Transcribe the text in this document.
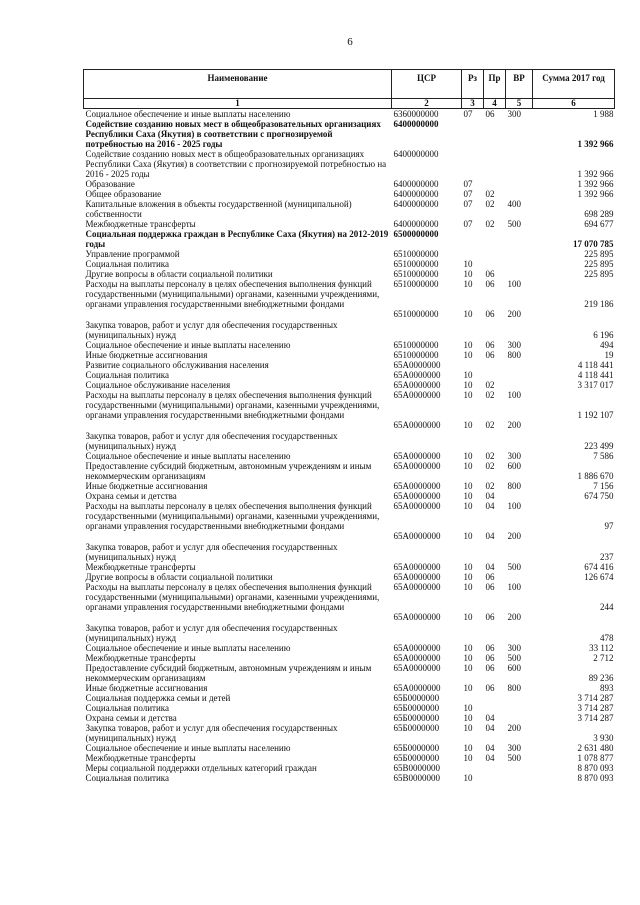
6
Наименование	ЦСР	Рз	Пр	ВР	Сумма 2017 год
1	2	3	4	5	6
Социальное обеспечение и иные выплаты населению	6360000000	07	06	300	1 988
Содействие созданию новых мест в общеобразовательных организациях Республики Саха (Якутия) в соответствии с прогнозируемой потребностью на 2016 - 2025 годы	6400000000				1 392 966
Содействие созданию новых мест в общеобразовательных организациях Республики Саха (Якутия) в соответствии с прогнозируемой потребностью на 2016 - 2025 годы	6400000000				1 392 966
Образование	6400000000	07			1 392 966
Общее образование	6400000000	07	02		1 392 966
Капитальные вложения в объекты государственной (муниципальной) собственности	6400000000	07	02	400	698 289
Межбюджетные трансферты	6400000000	07	02	500	694 677
Социальная поддержка граждан в Республике Саха (Якутия) на 2012-2019 годы	6500000000				17 070 785
Управление программой	6510000000				225 895
Социальная политика	6510000000	10			225 895
Другие вопросы в области социальной политики	6510000000	10	06		225 895
Расходы на выплаты персоналу в целях обеспечения выполнения функций государственными (муниципальными) органами, казенными учреждениями, органами управления государственными внебюджетными фондами	6510000000	10	06	100	219 186
Закупка товаров, работ и услуг для обеспечения государственных (муниципальных) нужд	6510000000	10	06	200	6 196
Социальное обеспечение и иные выплаты населению	6510000000	10	06	300	494
Иные бюджетные ассигнования	6510000000	10	06	800	19
Развитие социального обслуживания населения	65А0000000				4 118 441
Социальная политика	65А0000000	10			4 118 441
Социальное обслуживание населения	65А0000000	10	02		3 317 017
Расходы на выплаты персоналу в целях обеспечения выполнения функций государственными (муниципальными) органами, казенными учреждениями, органами управления государственными внебюджетными фондами	65А0000000	10	02	100	1 192 107
Закупка товаров, работ и услуг для обеспечения государственных (муниципальных) нужд	65А0000000	10	02	200	223 499
Социальное обеспечение и иные выплаты населению	65А0000000	10	02	300	7 586
Предоставление субсидий бюджетным, автономным учреждениям и иным некоммерческим организациям	65А0000000	10	02	600	1 886 670
Иные бюджетные ассигнования	65А0000000	10	02	800	7 156
Охрана семьи и детства	65А0000000	10	04		674 750
Расходы на выплаты персоналу в целях обеспечения выполнения функций государственными (муниципальными) органами, казенными учреждениями, органами управления государственными внебюджетными фондами	65А0000000	10	04	100	97
Закупка товаров, работ и услуг для обеспечения государственных (муниципальных) нужд	65А0000000	10	04	200	237
Межбюджетные трансферты	65А0000000	10	04	500	674 416
Другие вопросы в области социальной политики	65А0000000	10	06		126 674
Расходы на выплаты персоналу в целях обеспечения выполнения функций государственными (муниципальными) органами, казенными учреждениями, органами управления государственными внебюджетными фондами	65А0000000	10	06	100	244
Закупка товаров, работ и услуг для обеспечения государственных (муниципальных) нужд	65А0000000	10	06	200	478
Социальное обеспечение и иные выплаты населению	65А0000000	10	06	300	33 112
Межбюджетные трансферты	65А0000000	10	06	500	2 712
Предоставление субсидий бюджетным, автономным учреждениям и иным некоммерческим организациям	65А0000000	10	06	600	89 236
Иные бюджетные ассигнования	65А0000000	10	06	800	893
Социальная поддержка семьи и детей	65Б0000000				3 714 287
Социальная политика	65Б0000000	10			3 714 287
Охрана семьи и детства	65Б0000000	10	04		3 714 287
Закупка товаров, работ и услуг для обеспечения государственных (муниципальных) нужд	65Б0000000	10	04	200	3 930
Социальное обеспечение и иные выплаты населению	65Б0000000	10	04	300	2 631 480
Межбюджетные трансферты	65Б0000000	10	04	500	1 078 877
Меры социальной поддержки отдельных категорий граждан	65В0000000				8 870 093
Социальная политика	65В0000000	10			8 870 093
